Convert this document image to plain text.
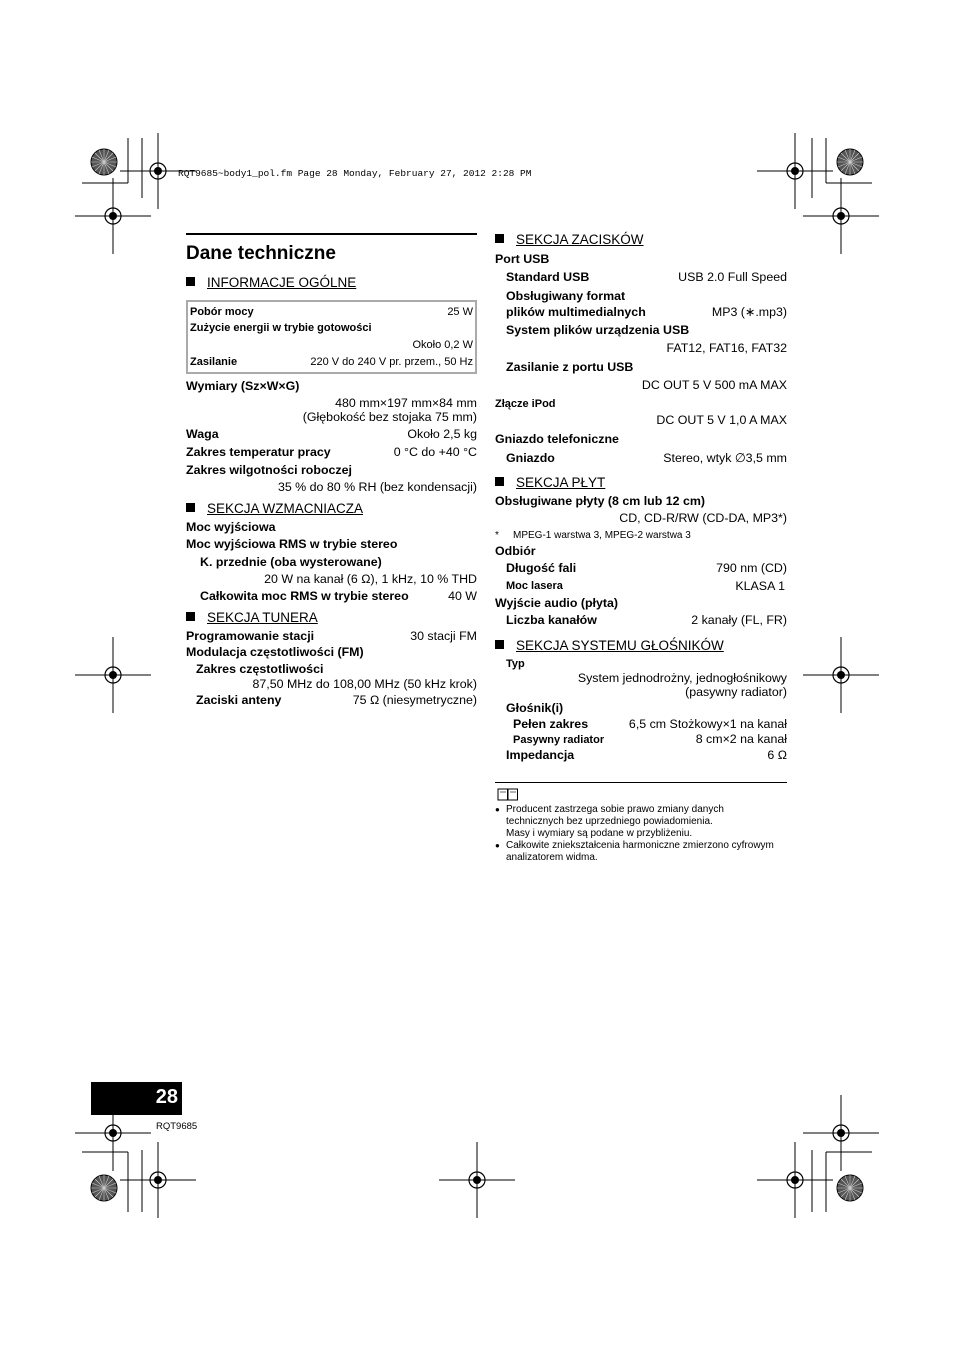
RQT9685~body1_pol.fm Page 28 Monday, February 27, 2012 2:28 PM
Dane techniczne
INFORMACJE OGÓLNE
Pobór mocy	25 W
Zużycie energii w trybie gotowości
Około 0,2 W
Zasilanie	220 V do 240 V pr. przem., 50 Hz
Wymiary (Sz×W×G)
480 mm×197 mm×84 mm
(Głębokość bez stojaka 75 mm)
Waga	Około 2,5 kg
Zakres temperatur pracy	0 °C do +40 °C
Zakres wilgotności roboczej
35 % do 80 % RH (bez kondensacji)
SEKCJA WZMACNIACZA
Moc wyjściowa
Moc wyjściowa RMS w trybie stereo
K. przednie (oba wysterowane)
20 W na kanał (6 Ω), 1 kHz, 10 % THD
Całkowita moc RMS w trybie stereo	40 W
SEKCJA TUNERA
Programowanie stacji	30 stacji FM
Modulacja częstotliwości (FM)
Zakres częstotliwości
87,50 MHz do 108,00 MHz (50 kHz krok)
Zaciski anteny	75 Ω (niesymetryczne)
SEKCJA ZACISKÓW
Port USB
Standard USB	USB 2.0 Full Speed
Obsługiwany format
plików multimedialnych	MP3 (∗.mp3)
System plików urządzenia USB
FAT12, FAT16, FAT32
Zasilanie z portu USB
DC OUT 5 V 500 mA MAX
Złącze iPod
DC OUT 5 V 1,0 A MAX
Gniazdo telefoniczne
Gniazdo	Stereo, wtyk ∅3,5 mm
SEKCJA PŁYT
Obsługiwane płyty (8 cm lub 12 cm)
CD, CD-R/RW (CD-DA, MP3*)
* MPEG-1 warstwa 3, MPEG-2 warstwa 3
Odbiór
Długość fali	790 nm (CD)
Moc lasera	KLASA 1
Wyjście audio (płyta)
Liczba kanałów	2 kanały (FL, FR)
SEKCJA SYSTEMU GŁOŚNIKÓW
Typ
System jednodrożny, jednogłośnikowy
(pasywny radiator)
Głośnik(i)
Pełen zakres	6,5 cm Stożkowy×1 na kanał
Pasywny radiator	8 cm×2 na kanał
Impedancja	6 Ω
● Producent zastrzega sobie prawo zmiany danych
technicznych bez uprzedniego powiadomienia.
Masy i wymiary są podane w przybliżeniu.
● Całkowite zniekształcenia harmoniczne zmierzono cyfrowym
analizatorem widma.
28
RQT9685
